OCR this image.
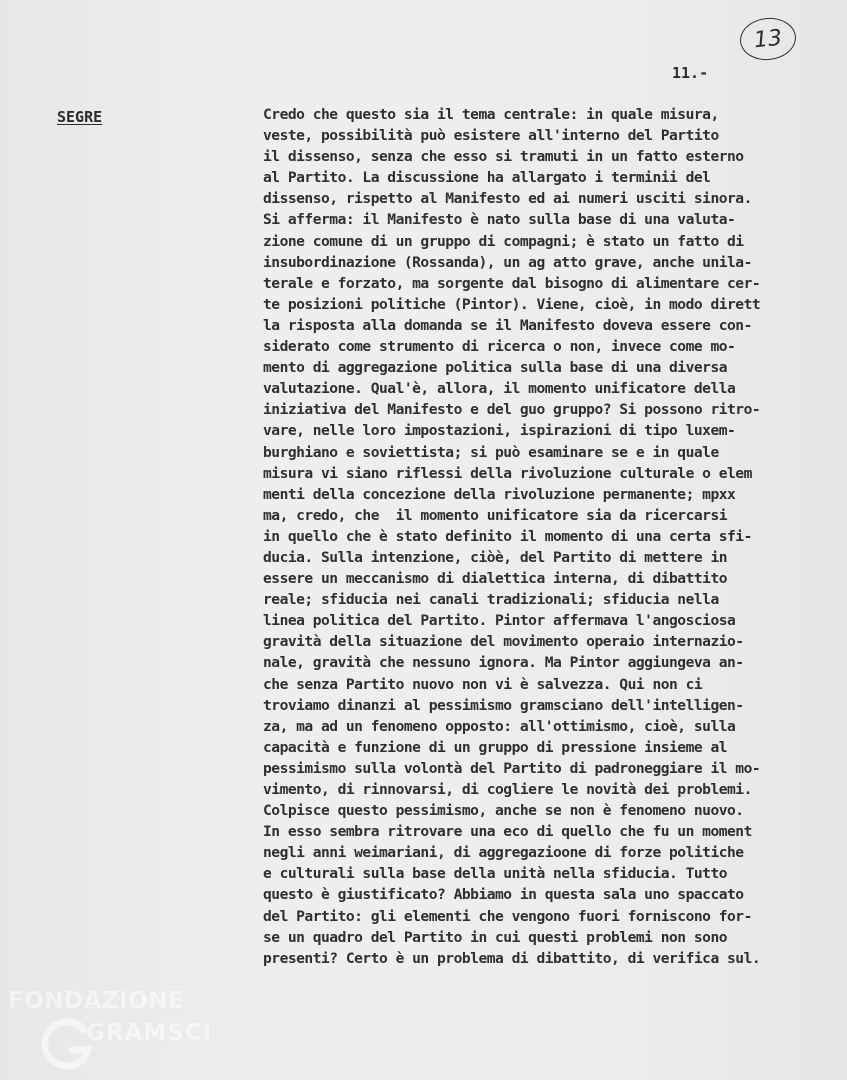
13
11.-
SEGRE	Credo che questo sia il tema centrale: in quale misura,
veste, possibilità può esistere all'interno del Partito
il dissenso, senza che esso si tramuti in un fatto esterno
al Partito. La discussione ha allargato i terminii del
dissenso, rispetto al Manifesto ed ai numeri usciti sinora.
Si afferma: il Manifesto è nato sulla base di una valuta-
zione comune di un gruppo di compagni; è stato un fatto di
insubordinazione (Rossanda), un ag atto grave, anche unila-
terale e forzato, ma sorgente dal bisogno di alimentare cer-
te posizioni politiche (Pintor). Viene, cioè, in modo dirett
la risposta alla domanda se il Manifesto doveva essere con-
siderato come strumento di ricerca o non, invece come mo-
mento di aggregazione politica sulla base di una diversa
valutazione. Qual'è, allora, il momento unificatore della
iniziativa del Manifesto e del guo gruppo? Si possono ritro-
vare, nelle loro impostazioni, ispirazioni di tipo luxem-
burghiano e soviettista; si può esaminare se e in quale
misura vi siano riflessi della rivoluzione culturale o elem
menti della concezione della rivoluzione permanente; mpxx
ma, credo, che  il momento unificatore sia da ricercarsi
in quello che è stato definito il momento di una certa sfi-
ducia. Sulla intenzione, ciòè, del Partito di mettere in
essere un meccanismo di dialettica interna, di dibattito
reale; sfiducia nei canali tradizionali; sfiducia nella
linea politica del Partito. Pintor affermava l'angosciosa
gravità della situazione del movimento operaio internazio-
nale, gravità che nessuno ignora. Ma Pintor aggiungeva an-
che senza Partito nuovo non vi è salvezza. Qui non ci
troviamo dinanzi al pessimismo gramsciano dell'intelligen-
za, ma ad un fenomeno opposto: all'ottimismo, cioè, sulla
capacità e funzione di un gruppo di pressione insieme al
pessimismo sulla volontà del Partito di padroneggiare il mo-
vimento, di rinnovarsi, di cogliere le novità dei problemi.
Colpisce questo pessimismo, anche se non è fenomeno nuovo.
In esso sembra ritrovare una eco di quello che fu un moment
negli anni weimariani, di aggregazioone di forze politiche
e culturali sulla base della unità nella sfiducia. Tutto
questo è giustificato? Abbiamo in questa sala uno spaccato
del Partito: gli elementi che vengono fuori forniscono for-
se un quadro del Partito in cui questi problemi non sono
presenti? Certo è un problema di dibattito, di verifica sul.
FONDAZIONE
GRAMSCI
